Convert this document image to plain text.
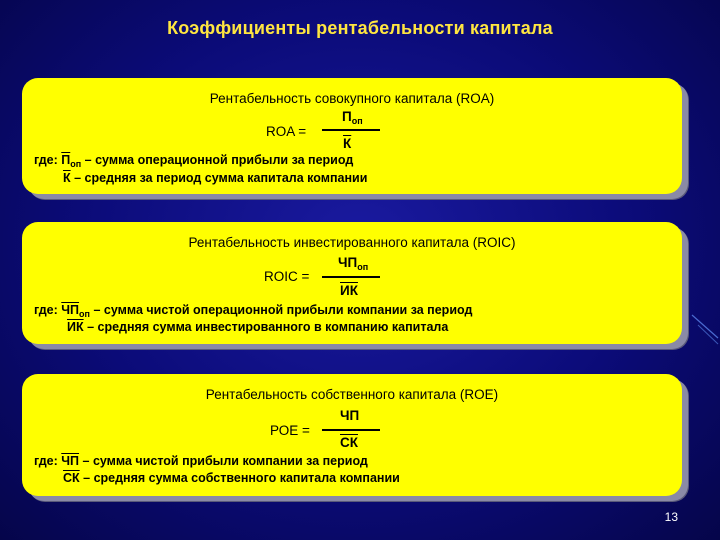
Коэффициенты рентабельности капитала
Рентабельность совокупного капитала (ROA)
ROA =
$П_{оп}$
К
где: $П_{оп}$ – сумма операционной прибыли за период
К – средняя за период сумма капитала компании
Рентабельность инвестированного капитала (ROIC)
ROIC =
$ЧП_{оп}$
ИК
где: $ЧП_{оп}$ – сумма чистой операционной прибыли компании за период
ИК – средняя сумма инвестированного в компанию капитала
Рентабельность собственного капитала (ROE)
РОЕ =
ЧП
СК
где: ЧП – сумма чистой прибыли компании за период
СК – средняя сумма собственного капитала компании
13
